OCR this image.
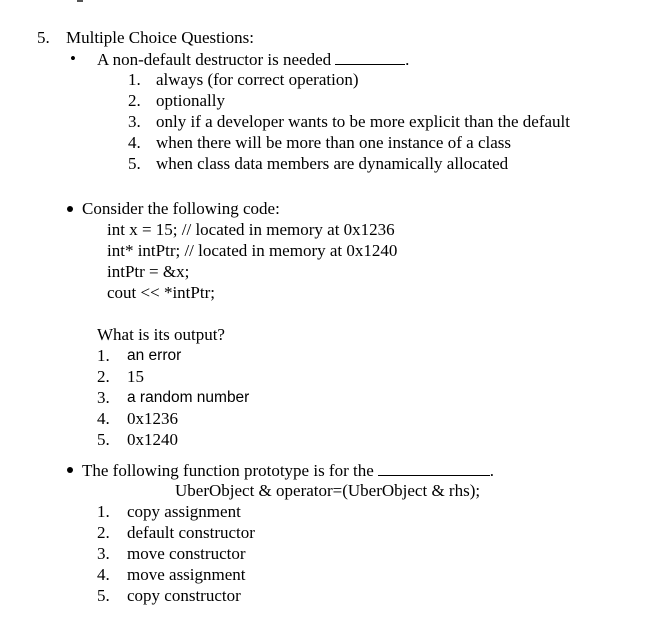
5. Multiple Choice Questions:
• A non-default destructor is needed	.
1. always (for correct operation)
2. optionally
3. only if a developer wants to be more explicit than the default
4. when there will be more than one instance of a class
5. when class data members are dynamically allocated
Consider the following code:
int x = 15; // located in memory at 0x1236
int* intPtr; // located in memory at 0x1240
intPtr = &x;
cout << *intPtr;
What is its output?
1. an error
2. 15
3. a random number
4. 0x1236
5. 0x1240
The following function prototype is for the	.
UberObject & operator=(UberObject & rhs);
1. copy assignment
2. default constructor
3. move constructor
4. move assignment
5. copy constructor
